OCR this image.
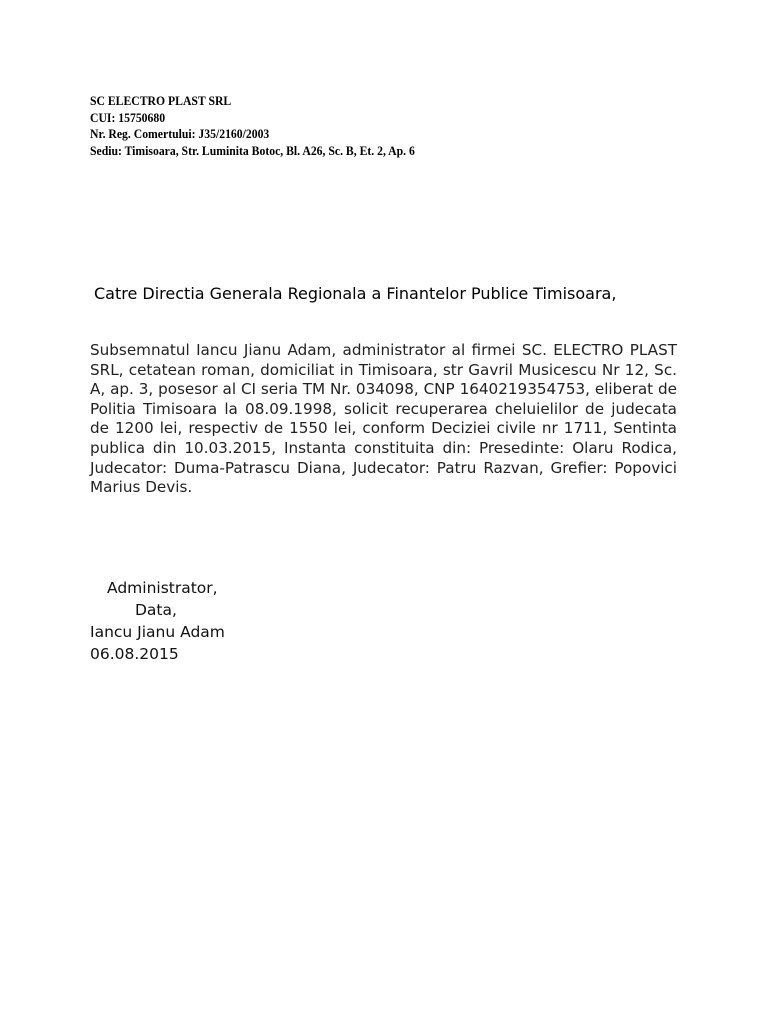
SC ELECTRO PLAST SRL
CUI: 15750680
Nr. Reg. Comertului: J35/2160/2003
Sediu: Timisoara, Str. Luminita Botoc, Bl. A26, Sc. B, Et. 2, Ap. 6
Catre Directia Generala Regionala a Finantelor Publice Timisoara,
Subsemnatul Iancu Jianu Adam, administrator al firmei SC. ELECTRO PLAST SRL, cetatean roman, domiciliat in Timisoara, str Gavril Musicescu Nr 12, Sc. A, ap. 3, posesor al CI seria TM Nr. 034098, CNP 1640219354753, eliberat de Politia Timisoara la 08.09.1998, solicit recuperarea cheluielilor de judecata de 1200 lei, respectiv de 1550 lei, conform Deciziei civile nr 1711, Sentinta publica din 10.03.2015, Instanta constituita din: Presedinte: Olaru Rodica, Judecator: Duma-Patrascu Diana, Judecator: Patru Razvan, Grefier: Popovici Marius Devis.
Administrator,
Data,
Iancu Jianu Adam
06.08.2015
